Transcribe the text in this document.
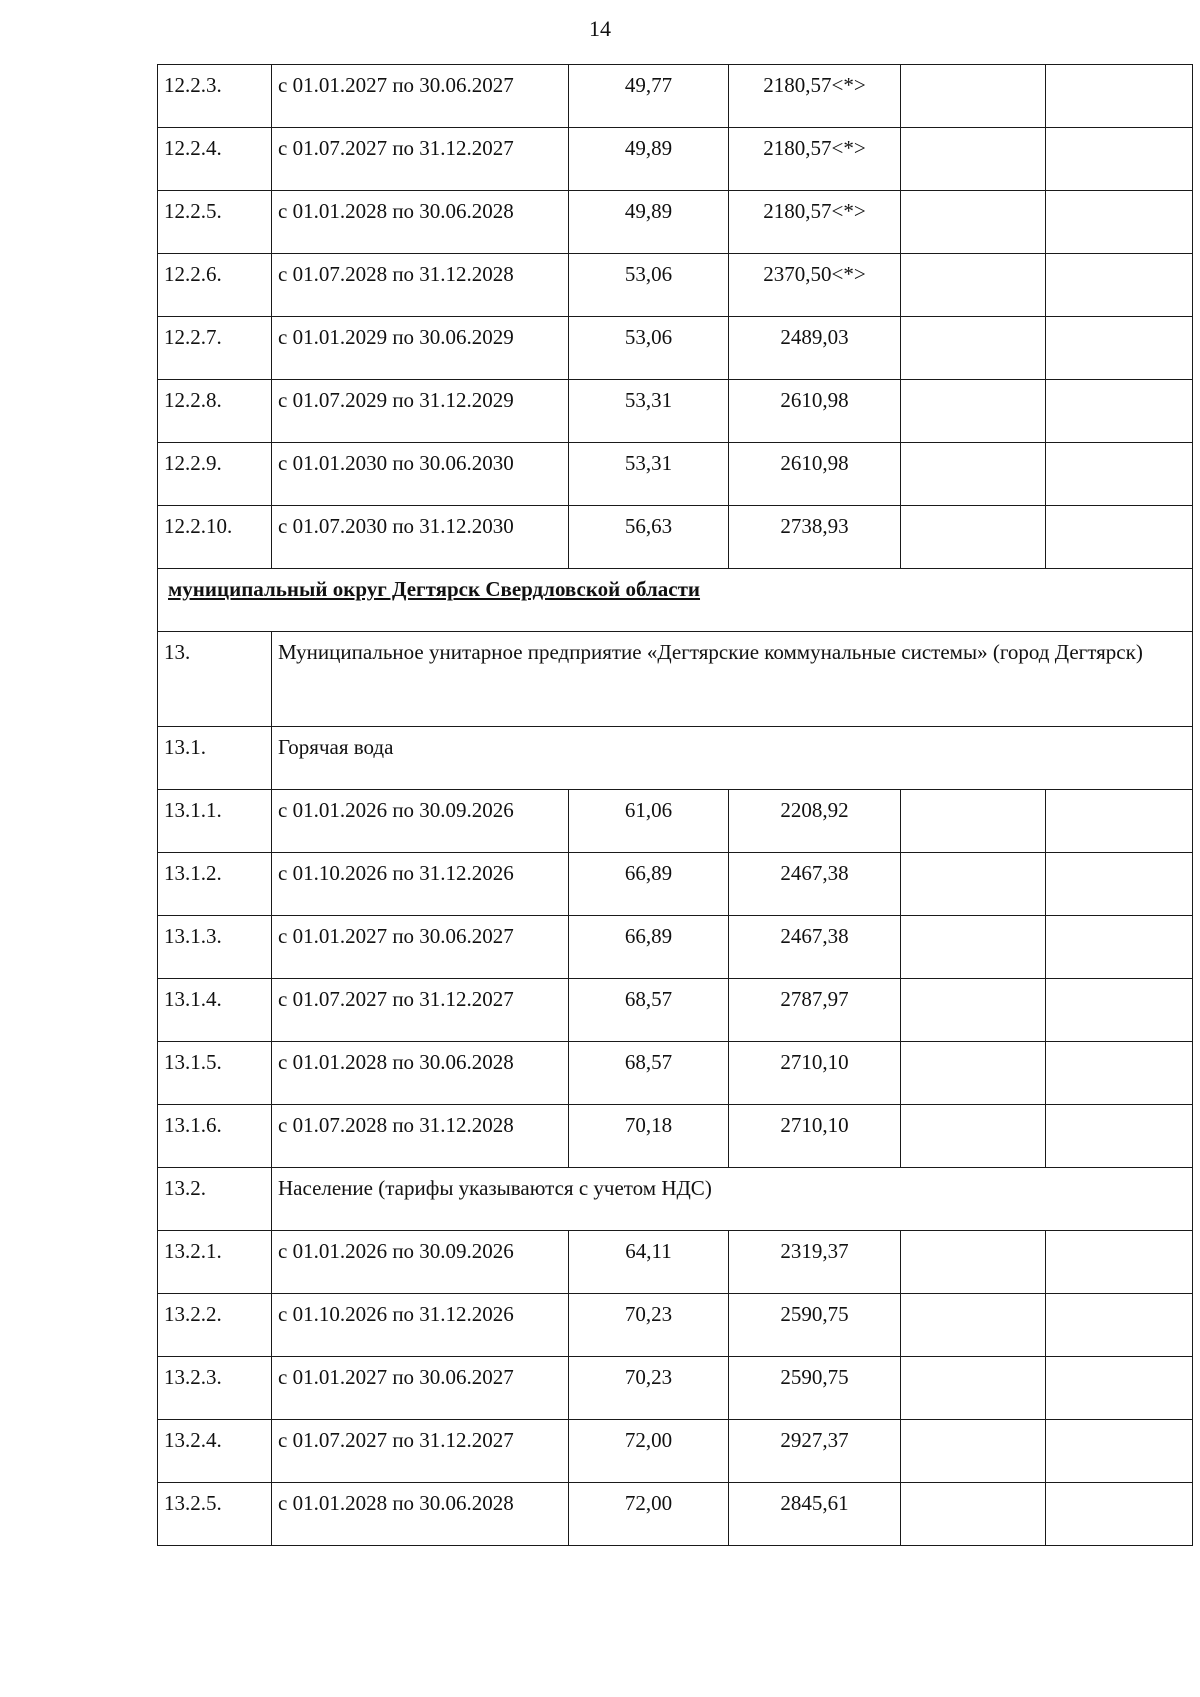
14
12.2.3.	с 01.01.2027 по 30.06.2027	49,77	2180,57<*>		
12.2.4.	с 01.07.2027 по 31.12.2027	49,89	2180,57<*>		
12.2.5.	с 01.01.2028 по 30.06.2028	49,89	2180,57<*>		
12.2.6.	с 01.07.2028 по 31.12.2028	53,06	2370,50<*>		
12.2.7.	с 01.01.2029 по 30.06.2029	53,06	2489,03		
12.2.8.	с 01.07.2029 по 31.12.2029	53,31	2610,98		
12.2.9.	с 01.01.2030 по 30.06.2030	53,31	2610,98		
12.2.10.	с 01.07.2030 по 31.12.2030	56,63	2738,93		
муниципальный округ Дегтярск Свердловской области					
13.	Муниципальное унитарное предприятие «Дегтярские коммунальные системы» (город Дегтярск)				
13.1.	Горячая вода				
13.1.1.	с 01.01.2026 по 30.09.2026	61,06	2208,92		
13.1.2.	с 01.10.2026 по 31.12.2026	66,89	2467,38		
13.1.3.	с 01.01.2027 по 30.06.2027	66,89	2467,38		
13.1.4.	с 01.07.2027 по 31.12.2027	68,57	2787,97		
13.1.5.	с 01.01.2028 по 30.06.2028	68,57	2710,10		
13.1.6.	с 01.07.2028 по 31.12.2028	70,18	2710,10		
13.2.	Население (тарифы указываются с учетом НДС)				
13.2.1.	с 01.01.2026 по 30.09.2026	64,11	2319,37		
13.2.2.	с 01.10.2026 по 31.12.2026	70,23	2590,75		
13.2.3.	с 01.01.2027 по 30.06.2027	70,23	2590,75		
13.2.4.	с 01.07.2027 по 31.12.2027	72,00	2927,37		
13.2.5.	с 01.01.2028 по 30.06.2028	72,00	2845,61		
